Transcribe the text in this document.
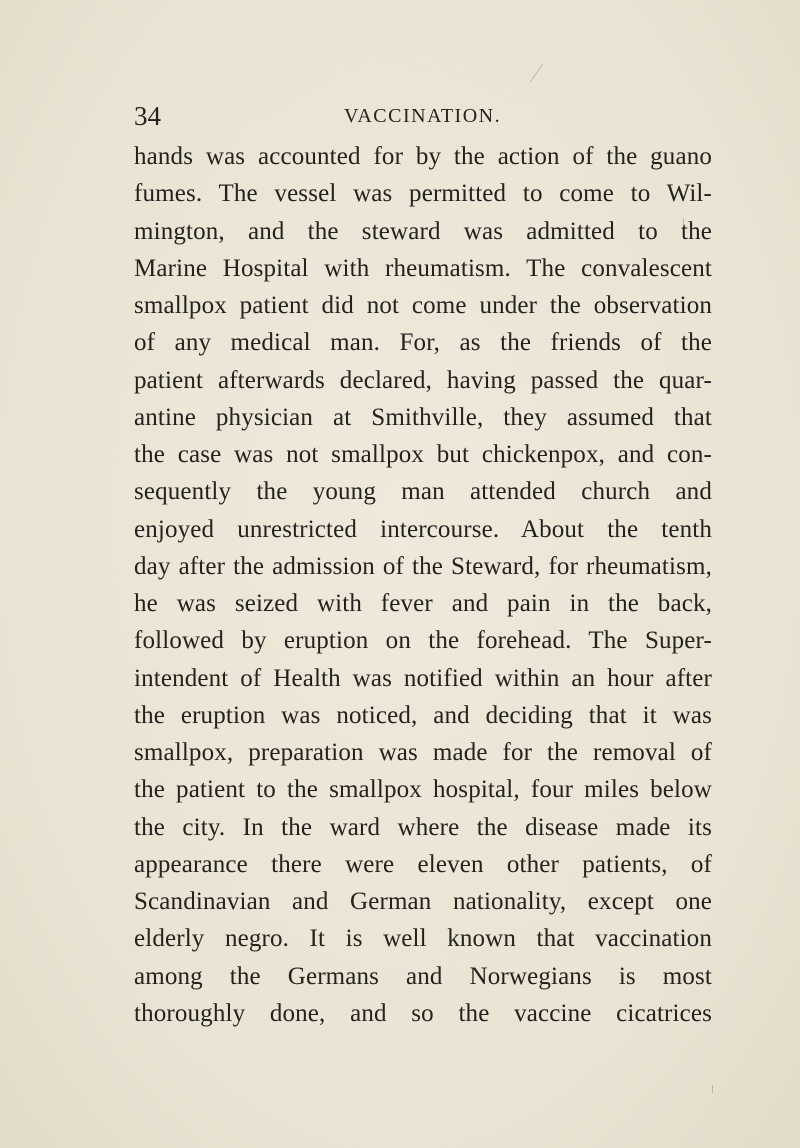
34	VACCINATION.
hands was accounted for by the action of the guano
fumes. The vessel was permitted to come to Wil-
mington, and the steward was admitted to the
Marine Hospital with rheumatism. The convalescent
smallpox patient did not come under the observation
of any medical man. For, as the friends of the
patient afterwards declared, having passed the quar-
antine physician at Smithville, they assumed that
the case was not smallpox but chickenpox, and con-
sequently the young man attended church and
enjoyed unrestricted intercourse. About the tenth
day after the admission of the Steward, for rheumatism,
he was seized with fever and pain in the back,
followed by eruption on the forehead. The Super-
intendent of Health was notified within an hour after
the eruption was noticed, and deciding that it was
smallpox, preparation was made for the removal of
the patient to the smallpox hospital, four miles below
the city. In the ward where the disease made its
appearance there were eleven other patients, of
Scandinavian and German nationality, except one
elderly negro. It is well known that vaccination
among the Germans and Norwegians is most
thoroughly done, and so the vaccine cicatrices
